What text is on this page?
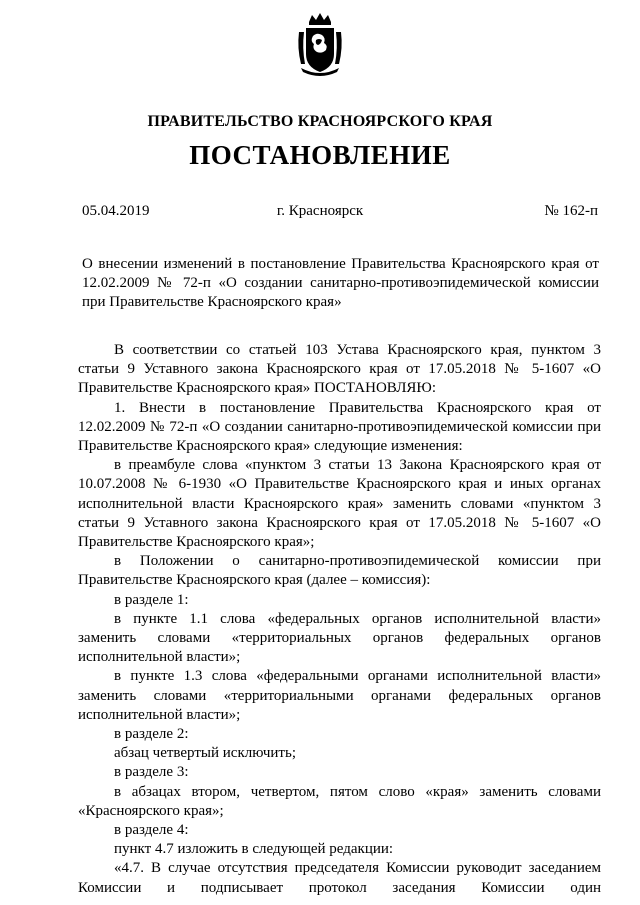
ПРАВИТЕЛЬСТВО КРАСНОЯРСКОГО КРАЯ
ПОСТАНОВЛЕНИЕ
05.04.2019	г. Красноярск	№ 162-п
О внесении изменений в постановление Правительства Красноярского края от 12.02.2009 № 72-п «О создании санитарно-противоэпидемической комиссии при Правительстве Красноярского края»

В соответствии со статьей 103 Устава Красноярского края, пунктом 3 статьи 9 Уставного закона Красноярского края от 17.05.2018 № 5-1607 «О Правительстве Красноярского края» ПОСТАНОВЛЯЮ:

1. Внести в постановление Правительства Красноярского края от 12.02.2009 № 72-п «О создании санитарно-противоэпидемической комиссии при Правительстве Красноярского края» следующие изменения:

в преамбуле слова «пунктом 3 статьи 13 Закона Красноярского края от 10.07.2008 № 6-1930 «О Правительстве Красноярского края и иных органах исполнительной власти Красноярского края» заменить словами «пунктом 3 статьи 9 Уставного закона Красноярского края от 17.05.2018 № 5-1607 «О Правительстве Красноярского края»;

в Положении о санитарно-противоэпидемической комиссии при Правительстве Красноярского края (далее – комиссия):

в разделе 1:

в пункте 1.1 слова «федеральных органов исполнительной власти» заменить словами «территориальных органов федеральных органов исполнительной власти»;

в пункте 1.3 слова «федеральными органами исполнительной власти» заменить словами «территориальными органами федеральных органов исполнительной власти»;

в разделе 2:

абзац четвертый исключить;

в разделе 3:

в абзацах втором, четвертом, пятом слово «края» заменить словами «Красноярского края»;

в разделе 4:

пункт 4.7 изложить в следующей редакции:

«4.7. В случае отсутствия председателя Комиссии руководит заседанием Комиссии и подписывает протокол заседания Комиссии один
